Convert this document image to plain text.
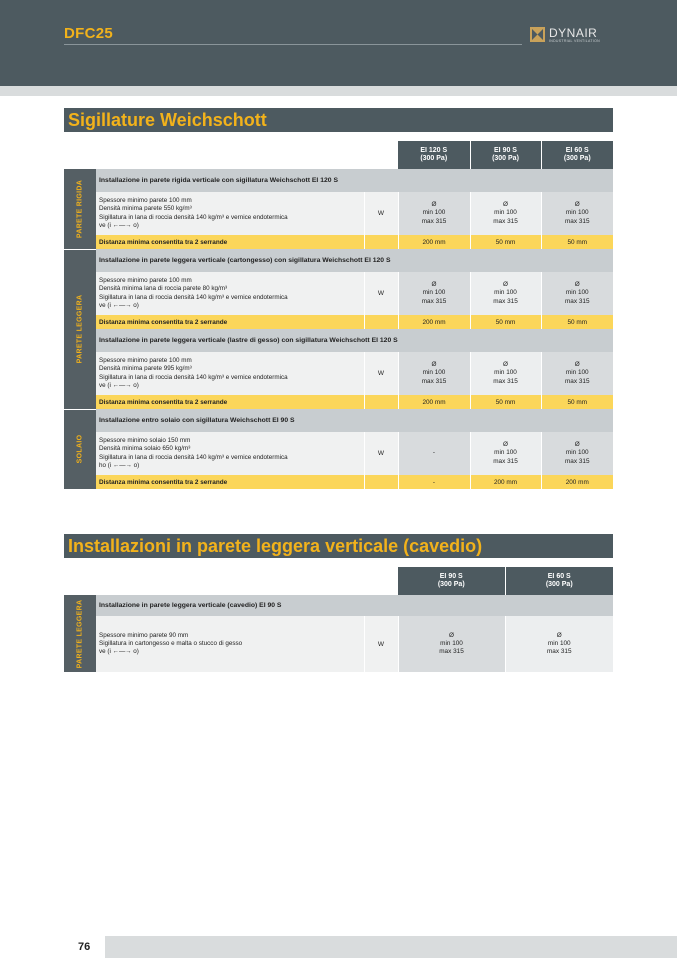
DFC25	DYNAIR
INDUSTRIAL VENTILATION
Sigillature Weichschott
			EI 120 S
(300 Pa)	EI 90 S
(300 Pa)	EI 60 S
(300 Pa)

PARETE RIGIDA	Installazione in parete rigida verticale con sigillatura Weichschott EI 120 S				
	Spessore minimo parete 100 mm
Densità minima parete 550 kg/m³
Sigillatura in lana di roccia densità 140 kg/m³ e vernice endotermica
ve (i ←—→ o)	W	Ø
min 100
max 315	Ø
min 100
max 315	Ø
min 100
max 315
	Distanza minima consentita tra 2 serrande		200 mm	50 mm	50 mm

PARETE LEGGERA	Installazione in parete leggera verticale (cartongesso) con sigillatura Weichschott EI 120 S				
	Spessore minimo parete 100 mm
Densità minima lana di roccia parete 80 kg/m³
Sigillatura in lana di roccia densità 140 kg/m³ e vernice endotermica
ve (i ←—→ o)	W	Ø
min 100
max 315	Ø
min 100
max 315	Ø
min 100
max 315
	Distanza minima consentita tra 2 serrande		200 mm	50 mm	50 mm
	Installazione in parete leggera verticale (lastre di gesso) con sigillatura Weichschott EI 120 S				
	Spessore minimo parete 100 mm
Densità minima parete 995 kg/m³
Sigillatura in lana di roccia densità 140 kg/m³ e vernice endotermica
ve (i ←—→ o)	W	Ø
min 100
max 315	Ø
min 100
max 315	Ø
min 100
max 315
	Distanza minima consentita tra 2 serrande		200 mm	50 mm	50 mm

SOLAIO	Installazione entro solaio con sigillatura Weichschott EI 90 S				
	Spessore minimo solaio 150 mm
Densità minima solaio 650 kg/m³
Sigillatura in lana di roccia densità 140 kg/m³ e vernice endotermica
ho (i ←—→ o)	W	-	Ø
min 100
max 315	Ø
min 100
max 315
	Distanza minima consentita tra 2 serrande		-	200 mm	200 mm
Installazioni in parete leggera verticale (cavedio)
			EI 90 S
(300 Pa)	EI 60 S
(300 Pa)

PARETE LEGGERA	Installazione in parete leggera verticale (cavedio) EI 90 S			
	Spessore minimo parete 90 mm
Sigillatura in cartongesso e malta o stucco di gesso
ve (i ←—→ o)	W	Ø
min 100
max 315	Ø
min 100
max 315
76
